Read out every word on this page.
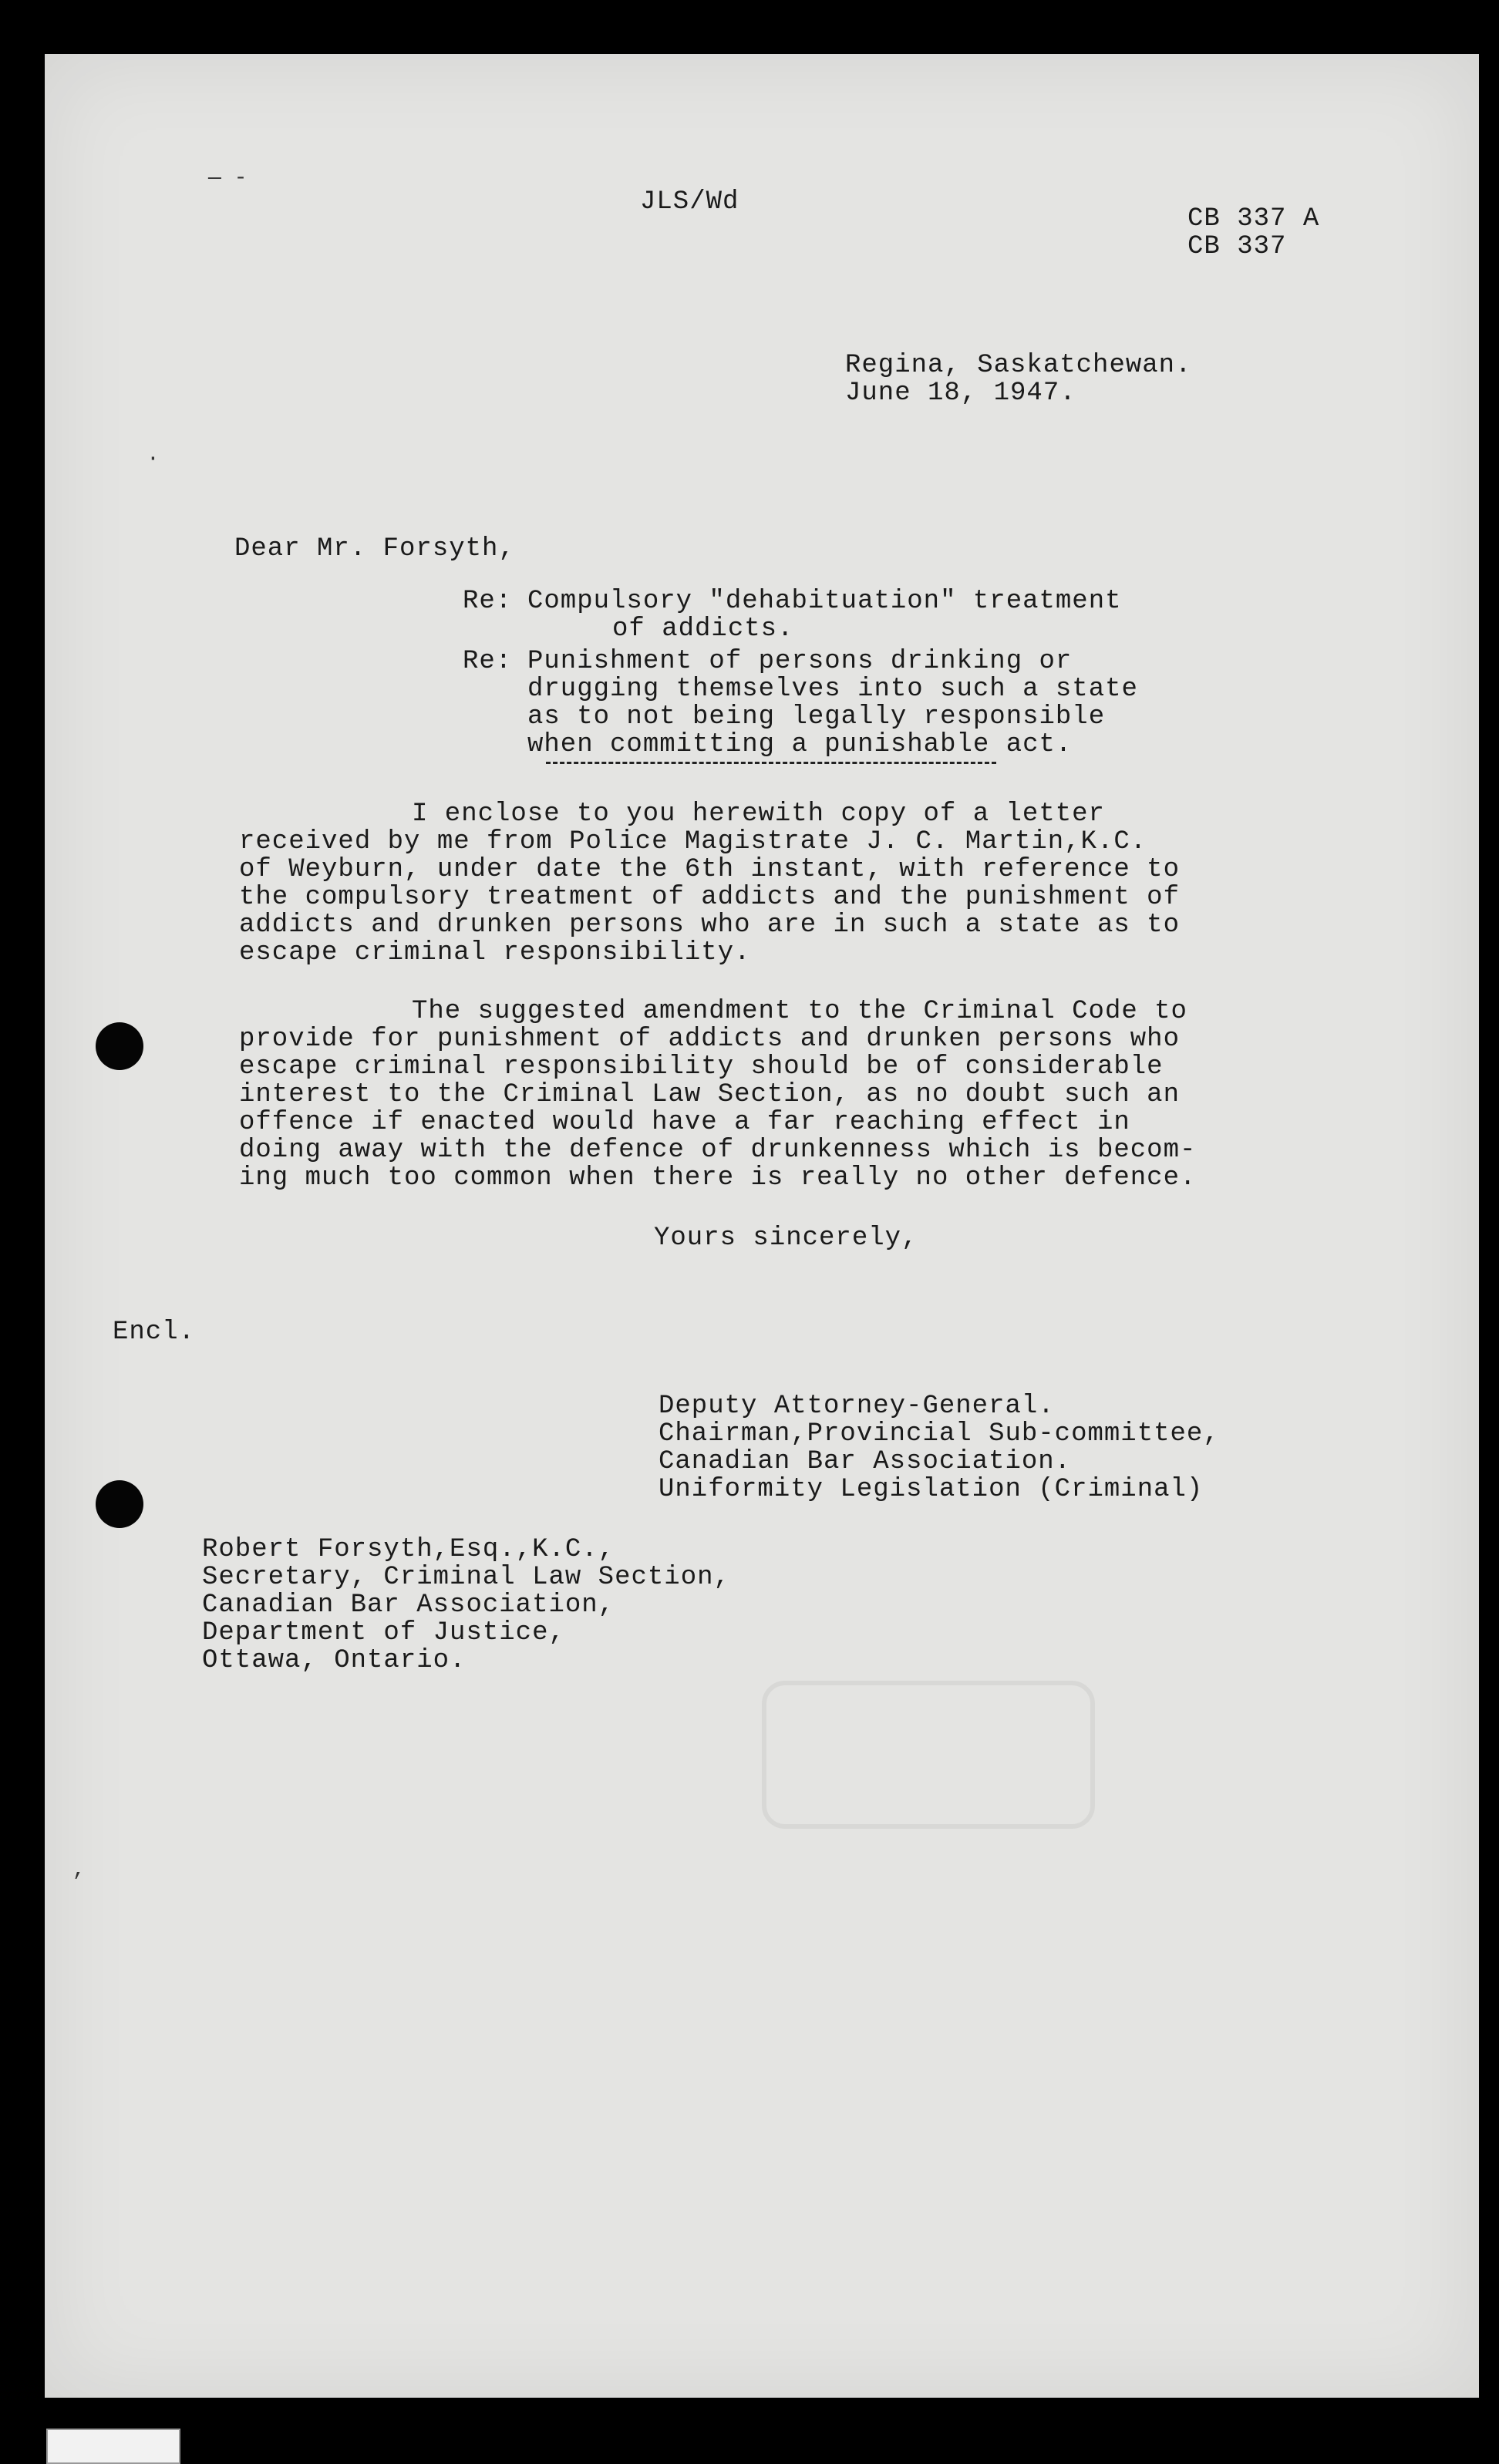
JLS/Wd
CB 337 A
CB 337
Regina, Saskatchewan.
June 18, 1947.
Dear Mr. Forsyth,
Re: Compulsory "dehabituation" treatment
of addicts.
Re: Punishment of persons drinking or
drugging themselves into such a state
as to not being legally responsible
when committing a punishable act.
I enclose to you herewith copy of a letter
received by me from Police Magistrate J. C. Martin,K.C.
of Weyburn, under date the 6th instant, with reference to
the compulsory treatment of addicts and the punishment of
addicts and drunken persons who are in such a state as to
escape criminal responsibility.
The suggested amendment to the Criminal Code to
provide for punishment of addicts and drunken persons who
escape criminal responsibility should be of considerable
interest to the Criminal Law Section, as no doubt such an
offence if enacted would have a far reaching effect in
doing away with the defence of drunkenness which is becom-
ing much too common when there is really no other defence.
Yours sincerely,
Encl.
Deputy Attorney-General.
Chairman,Provincial Sub-committee,
Canadian Bar Association.
Uniformity Legislation (Criminal)
Robert Forsyth,Esq.,K.C.,
Secretary, Criminal Law Section,
Canadian Bar Association,
Department of Justice,
Ottawa, Ontario.
— -
·
,
